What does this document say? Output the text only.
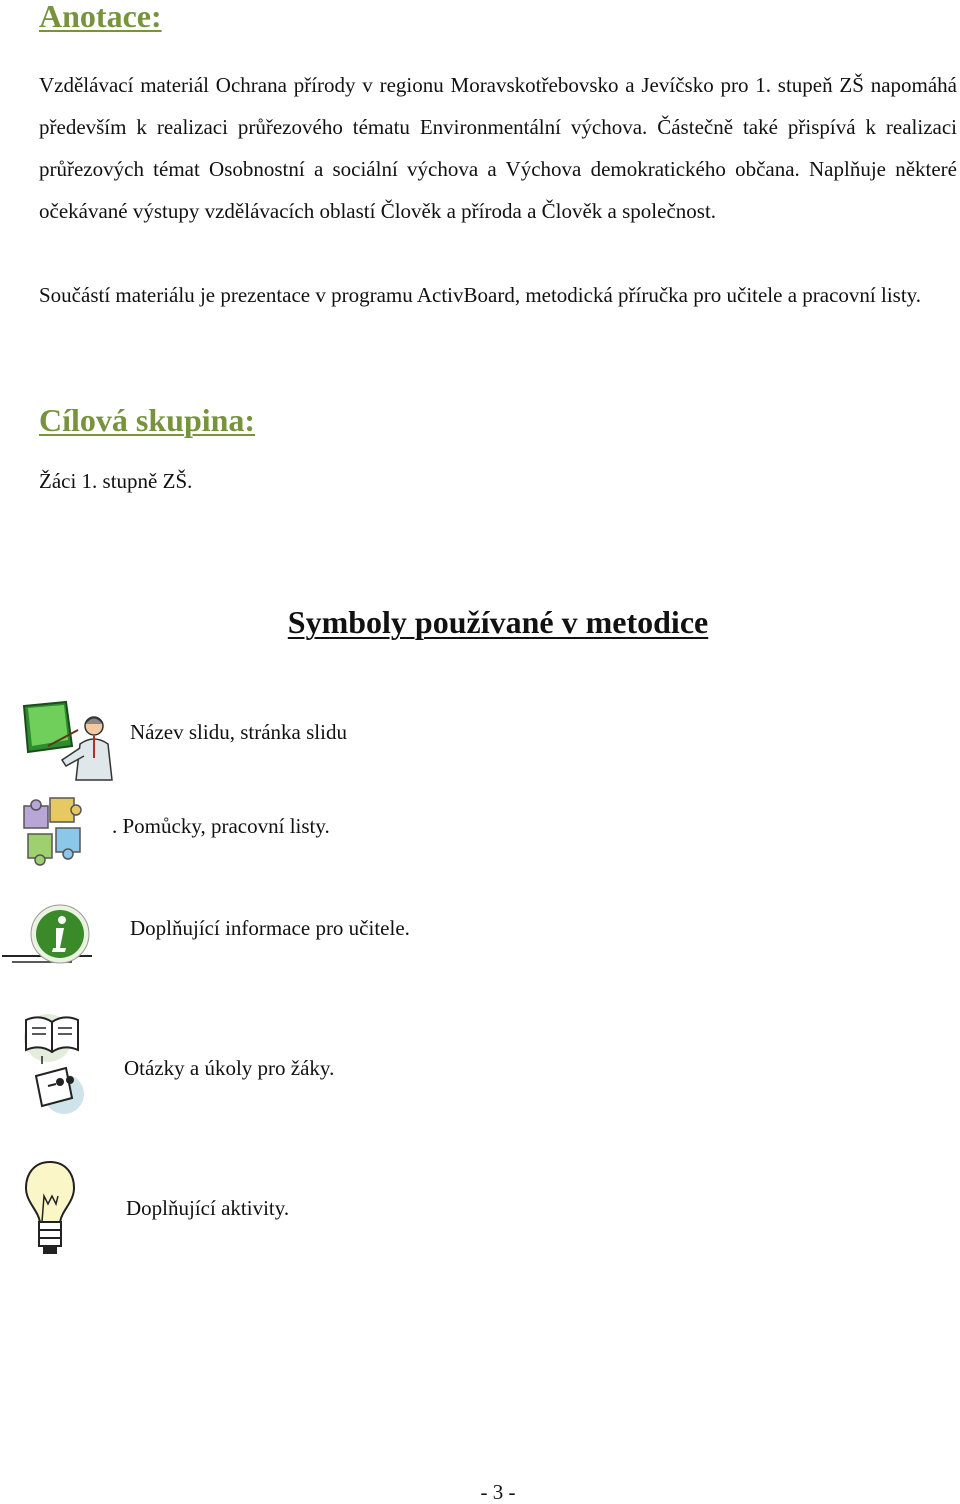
Anotace:

Vzdělávací materiál Ochrana přírody v regionu Moravskotřebovsko a Jevíčsko pro 1. stupeň ZŠ napomáhá především k realizaci průřezového tématu Environmentální výchova. Částečně také přispívá k realizaci průřezových témat Osobnostní a sociální výchova a Výchova demokratického občana. Naplňuje některé očekávané výstupy vzdělávacích oblastí Člověk a příroda a Člověk a společnost.

Součástí materiálu je prezentace v programu ActivBoard, metodická příručka pro učitele a pracovní listy.

Cílová skupina:

Žáci 1. stupně ZŠ.

Symboly používané v metodice
Název slidu, stránka slidu
. Pomůcky, pracovní listy.
Doplňující informace pro učitele.
Otázky a úkoly pro žáky.
Doplňující aktivity.
- 3 -
